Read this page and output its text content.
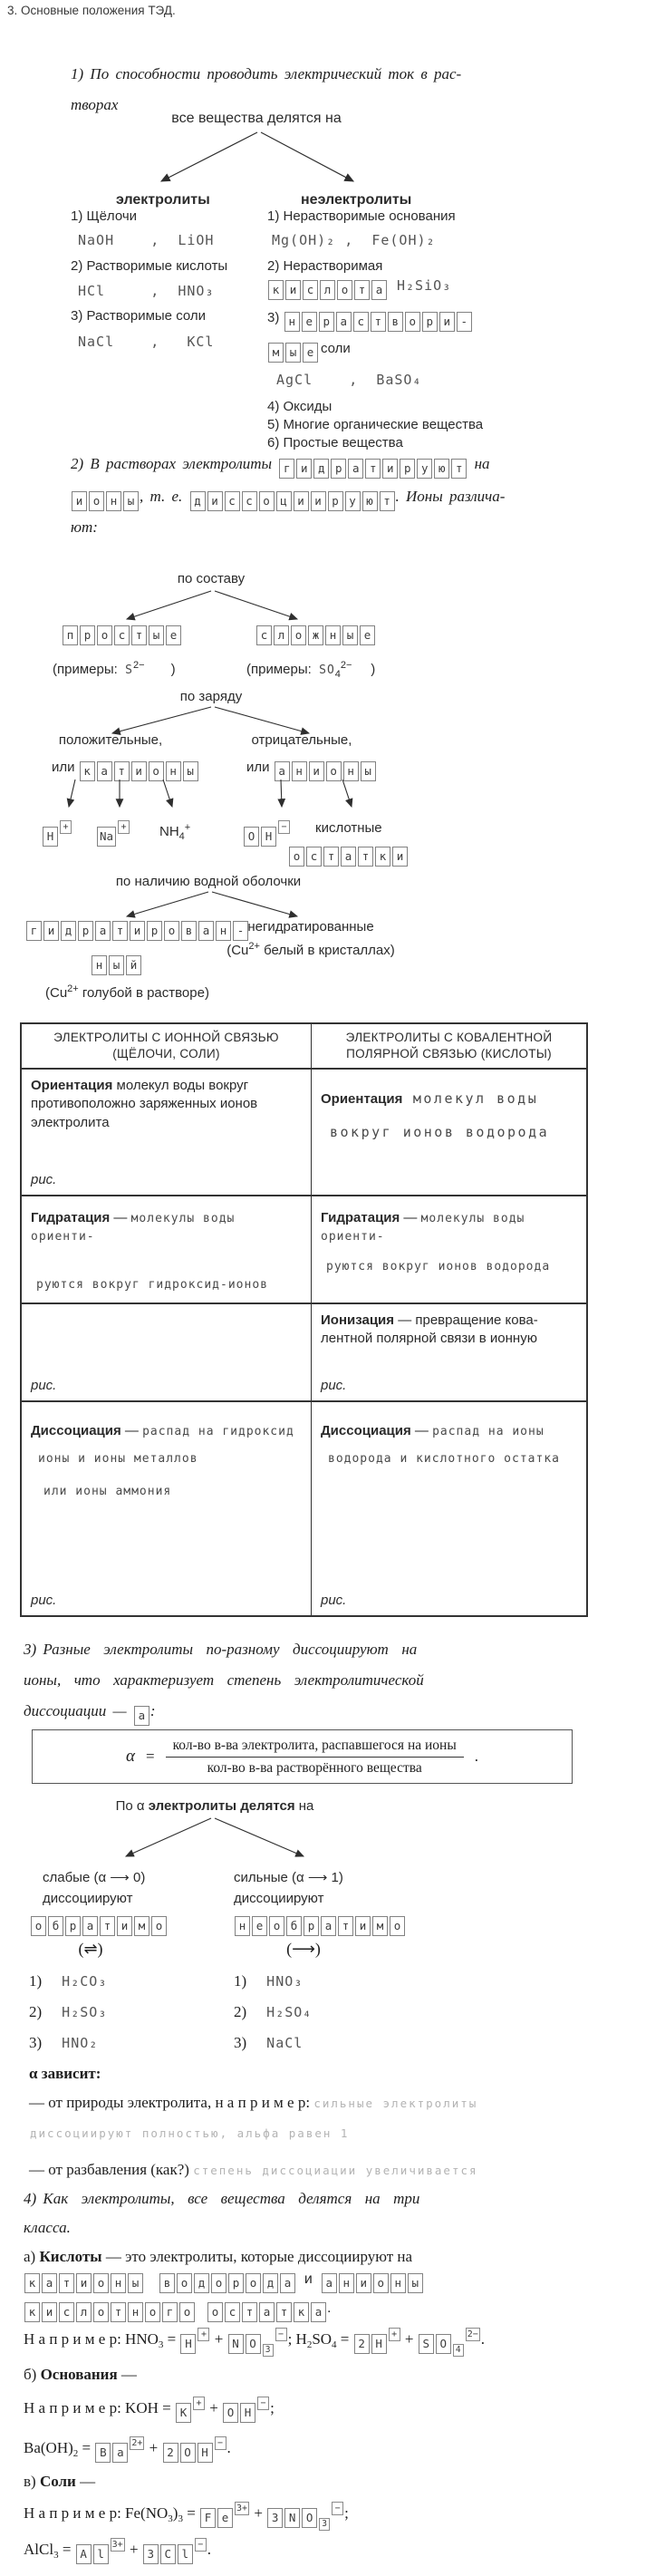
3. Основные положения ТЭД.
1) По способности проводить электрический ток в рас-
творах
все вещества делятся на
электролиты
1) Щёлочи
NaOH    ,  LiOH
2) Растворимые кислоты
HCl     ,  HNO₃
3) Растворимые соли
NaCl    ,   KCl
неэлектролиты
1) Нерастворимые основания
Mg(OH)₂ ,  Fe(OH)₂
2) Нерастворимая
к и с л о т а H₂SiO₃
3) н е р а с т в о р и -
м ы е соли
AgCl    ,  BaSO₄
4) Оксиды
5) Многие органические вещества
6) Простые вещества
2) В растворах электролиты г и д р а т и р у ю т на
и о н ы , т. е. д и с с о ц и и р у ю т . Ионы различа-
ют:
по составу
п р о с т ы е
(примеры:  $S^{2-}$       )
с л о ж н ы е
(примеры:  $SO_4^{2-}$     )
по заряду
положительные,
или к а т и о н ы
отрицательные,
или а н и о н ы
H+
$Na+ NH_4^+$
O H− кислотные
о с т а т к и
по наличию водной оболочки
г и д р а т и р о в а н -
н ы й
($Cu^{2+}$ голубой в растворе)
негидратированные
($Cu^{2+}$ белый в кристаллах)
ЭЛЕКТРОЛИТЫ С ИОННОЙ СВЯЗЬЮ (ЩЁЛОЧИ, СОЛИ)
ЭЛЕКТРОЛИТЫ С КОВАЛЕНТНОЙ ПОЛЯРНОЙ СВЯЗЬЮ (КИСЛОТЫ)
Ориентация молекул воды вокруг противоположно заряженных ионов электролита
рис.
Ориентация молекул воды
вокруг ионов водорода
Гидратация — молекулы воды ориенти-
руются вокруг гидроксид-ионов
Гидратация — молекулы воды ориенти-
руются вокруг ионов водорода
рис.
Ионизация — превращение кова-
лентной полярной связи в ионную
рис.
Диссоциация — распад на гидроксид
ионы и ионы металлов
или ионы аммония
рис.
Диссоциация — распад на ионы
водорода и кислотного остатка
рис.
3) Разные  электролиты  по-разному  диссоциируют  на
ионы,  что  характеризует  степень  электролитической
диссоциации — а :
$\alpha = \frac{\text{кол-во в-ва электролита, распавшегося на ионы}}{\text{кол-во в-ва растворённого вещества}}$ .
По α электролиты делятся на
слабые (α ⟶ 0)
диссоциируют
о б р а т и м о
(⇌)
1) H₂CO₃
2) H₂SO₃
3) HNO₂
сильные (α ⟶ 1)
диссоциируют
н е о б р а т и м о
(⟶)
1) HNO₃
2) H₂SO₄
3) NaCl
α зависит:
— от природы электролита, н а п р и м е р: сильные электролиты
диссоциируют полностью, альфа равен 1
— от разбавления (как?) степень диссоциации увеличивается
4) Как  электролиты,  все  вещества  делятся  на  три
класса.
а) Кислоты — это электролиты, которые диссоциируют на
к а т и о н ы в о д о р о д а  и  а н и о н ы
к и с л о т н о г о о с т а т к а .
Н а п р и м е р: $HNO_3 = H+ + N$ O 3− ; $H_2SO_4 = 2$ H+ + S O 42− .
б) Основания —
Н а п р и м е р: KOH = K+ + O H− ;
$Ba(OH)_2 = B$ a2+ + 2 O H− .
в) Соли —
Н а п р и м е р: $Fe(NO_3)_3 = F$ e3+ + 3 N O 3− ;
AlCl$_3$ = A l3+ + 3 C l− .
